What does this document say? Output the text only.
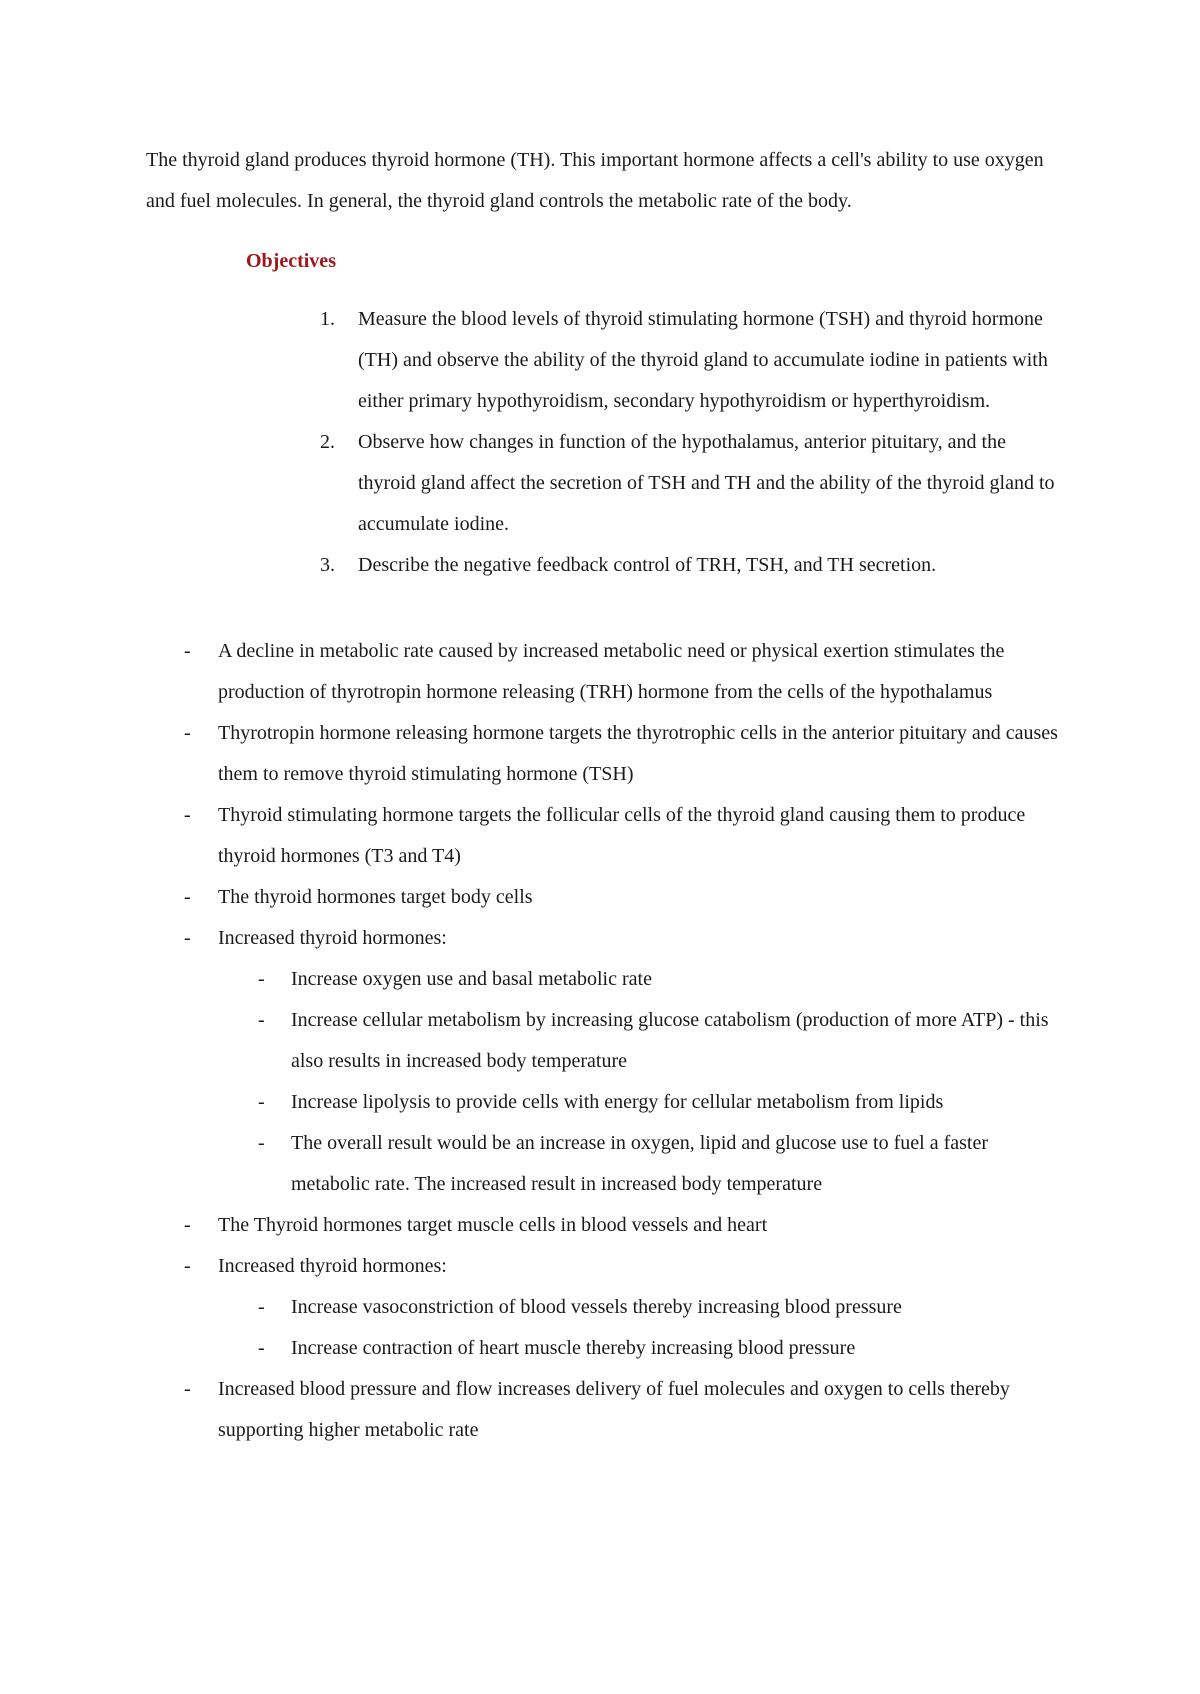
The thyroid gland produces thyroid hormone (TH). This important hormone affects a cell's ability to use oxygen and fuel molecules. In general, the thyroid gland controls the metabolic rate of the body.

Objectives
1. Measure the blood levels of thyroid stimulating hormone (TSH) and thyroid hormone (TH) and observe the ability of the thyroid gland to accumulate iodine in patients with either primary hypothyroidism, secondary hypothyroidism or hyperthyroidism.
2. Observe how changes in function of the hypothalamus, anterior pituitary, and the thyroid gland affect the secretion of TSH and TH and the ability of the thyroid gland to accumulate iodine.
3. Describe the negative feedback control of TRH, TSH, and TH secretion.
- A decline in metabolic rate caused by increased metabolic need or physical exertion stimulates the production of thyrotropin hormone releasing (TRH) hormone from the cells of the hypothalamus
- Thyrotropin hormone releasing hormone targets the thyrotrophic cells in the anterior pituitary and causes them to remove thyroid stimulating hormone (TSH)
- Thyroid stimulating hormone targets the follicular cells of the thyroid gland causing them to produce thyroid hormones (T3 and T4)
- The thyroid hormones target body cells
- Increased thyroid hormones:
- Increase oxygen use and basal metabolic rate
- Increase cellular metabolism by increasing glucose catabolism (production of more ATP) - this also results in increased body temperature
- Increase lipolysis to provide cells with energy for cellular metabolism from lipids
- The overall result would be an increase in oxygen, lipid and glucose use to fuel a faster metabolic rate. The increased result in increased body temperature
- The Thyroid hormones target muscle cells in blood vessels and heart
- Increased thyroid hormones:
- Increase vasoconstriction of blood vessels thereby increasing blood pressure
- Increase contraction of heart muscle thereby increasing blood pressure
- Increased blood pressure and flow increases delivery of fuel molecules and oxygen to cells thereby supporting higher metabolic rate
